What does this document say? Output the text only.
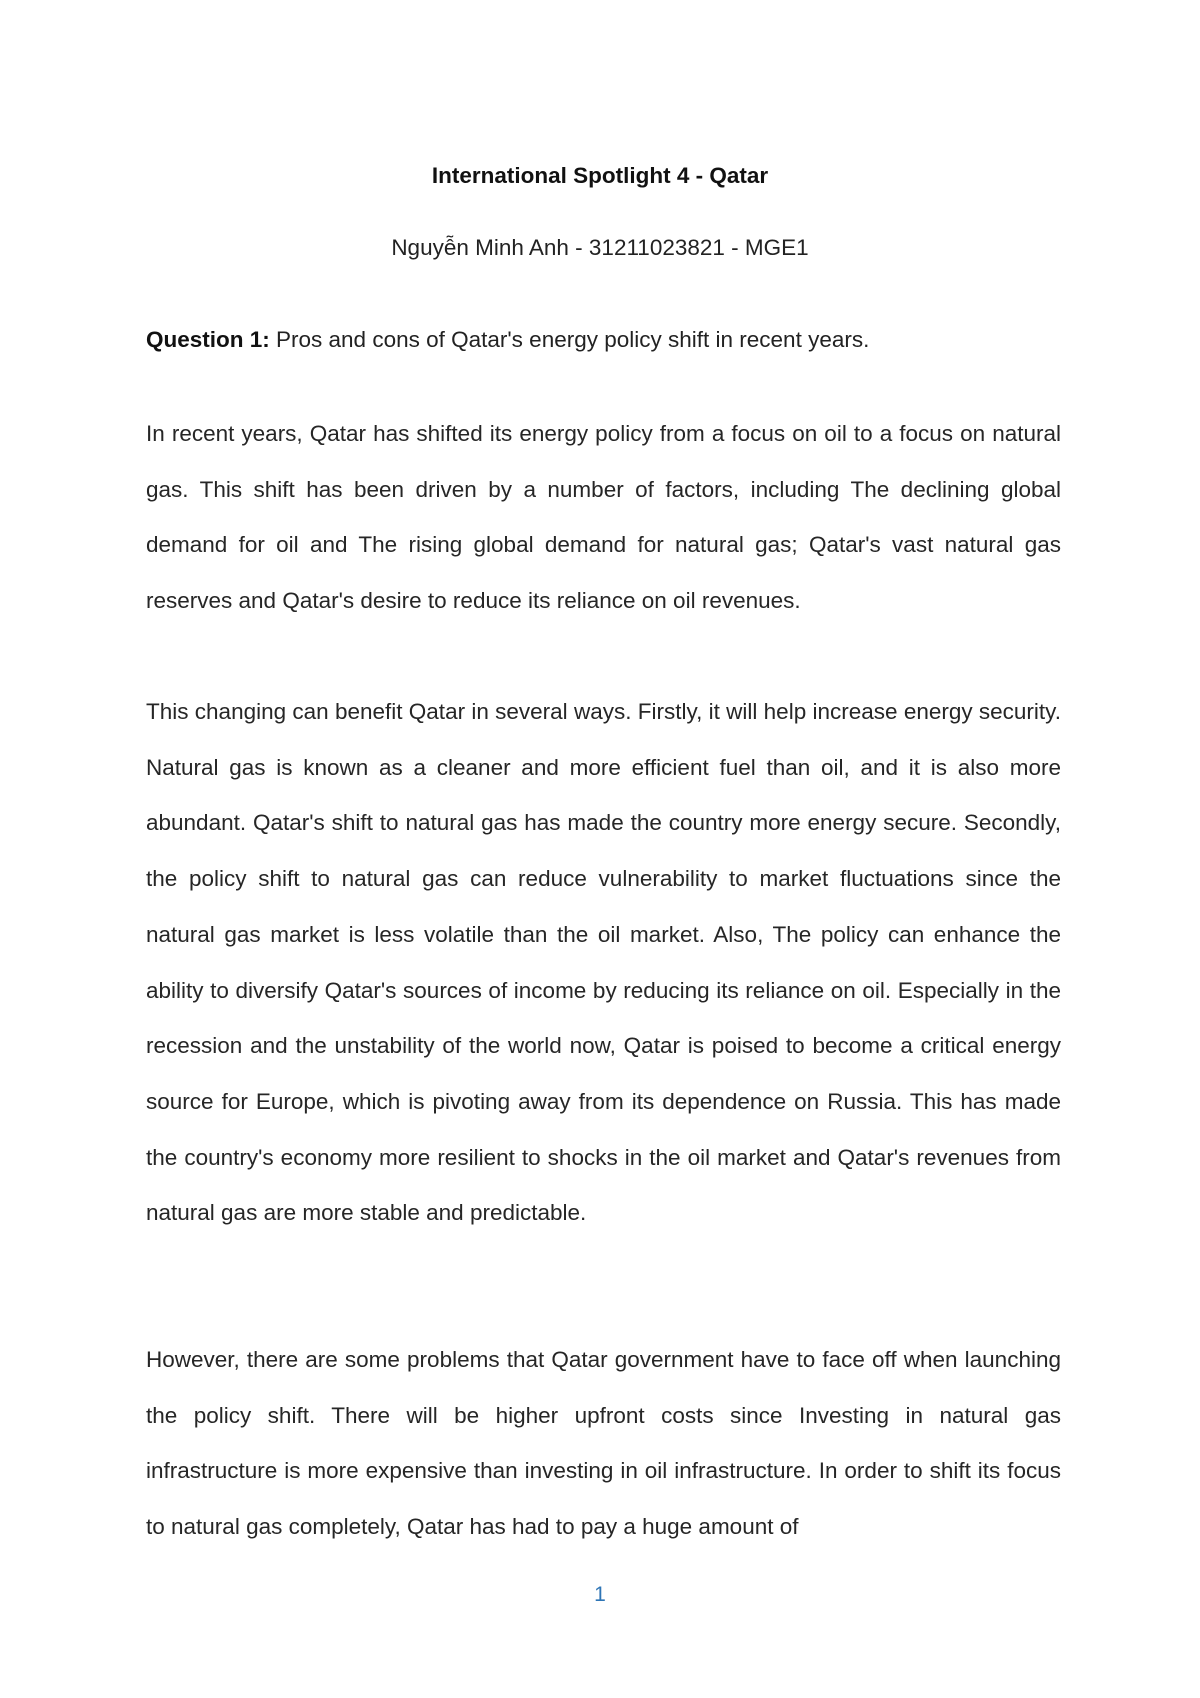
International Spotlight 4 - Qatar
Nguyễn Minh Anh - 31211023821 - MGE1
Question 1: Pros and cons of Qatar's energy policy shift in recent years.

In recent years, Qatar has shifted its energy policy from a focus on oil to a focus on natural gas. This shift has been driven by a number of factors, including The declining global demand for oil and The rising global demand for natural gas; Qatar's vast natural gas reserves and Qatar's desire to reduce its reliance on oil revenues.

This changing can benefit Qatar in several ways. Firstly, it will help increase energy security. Natural gas is known as a cleaner and more efficient fuel than oil, and it is also more abundant. Qatar's shift to natural gas has made the country more energy secure. Secondly, the policy shift to natural gas can reduce vulnerability to market fluctuations since the natural gas market is less volatile than the oil market. Also, The policy can enhance the ability to diversify Qatar's sources of income by reducing its reliance on oil. Especially in the recession and the unstability of the world now, Qatar is poised to become a critical energy source for Europe, which is pivoting away from its dependence on Russia. This has made the country's economy more resilient to shocks in the oil market and Qatar's revenues from natural gas are more stable and predictable.

However, there are some problems that Qatar government have to face off when launching the policy shift. There will be higher upfront costs since Investing in natural gas infrastructure is more expensive than investing in oil infrastructure. In order to shift its focus to natural gas completely, Qatar has had to pay a huge amount of

1
